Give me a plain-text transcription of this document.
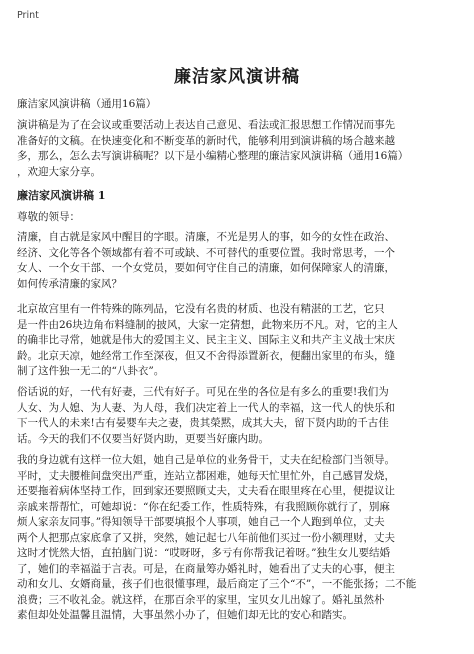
Print
廉洁家风演讲稿
廉洁家风演讲稿（通用16篇）
演讲稿是为了在会议或重要活动上表达自己意见、看法或汇报思想工作情况而事先
准备好的文稿。在快速变化和不断变革的新时代，能够利用到演讲稿的场合越来越
多，那么，怎么去写演讲稿呢？以下是小编精心整理的廉洁家风演讲稿（通用16篇）
，欢迎大家分享。
廉洁家风演讲稿 1
尊敬的领导：
清廉，自古就是家风中醒目的字眼。清廉，不光是男人的事，如今的女性在政治、
经济、文化等各个领域都有着不可或缺、不可替代的重要位置。我时常思考，一个
女人、一个女干部、一个女党员，要如何守住自己的清廉，如何保障家人的清廉，
如何传承清廉的家风？
北京故宫里有一件特殊的陈列品，它没有名贵的材质、也没有精湛的工艺，它只
是一件由26块边角布料缝制的披风，大家一定猜想，此物来历不凡。对，它的主人
的确非比寻常，她就是伟大的爱国主义、民主主义、国际主义和共产主义战士宋庆
龄。北京天凉，她经常工作至深夜，但又不舍得添置新衣，便翻出家里的布头，缝
制了这件独一无二的“八卦衣”。
俗话说的好，一代有好妻，三代有好子。可见在坐的各位是有多么的重要!我们为
人女、为人媳、为人妻、为人母，我们决定着上一代人的幸福，这一代人的快乐和
下一代人的未来!古有晏婴车夫之妻，贵其榮黙，成其大夫，留下贤内助的千古佳
话。今天的我们不仅要当好贤内助，更要当好廉内助。
我的身边就有这样一位大姐，她自己是单位的业务骨干，丈夫在纪检部门当领导。
平时，丈夫腰椎间盘突出严重，连站立都困难，她每天忙里忙外，自己感冒发烧，
还要拖着病体坚持工作，回到家还要照顾丈夫，丈夫看在眼里疼在心里，便提议让
亲戚来帮帮忙，可她却说：“你在纪委工作，性质特殊，有我照顾你就行了，别麻
烦人家亲友同事。”得知领导干部要填报个人事项，她自己一个人跑到单位，丈夫
两个人把那点家底拿了又拼，突然，她记起七八年前他们买过一份小额理财，丈夫
这时才恍然大悟，直拍脑门说：“哎呀呀，多亏有你帮我记着呀。”独生女儿要结婚
了，她们的幸福溢于言表。可是，在商量筹办婚礼时，她看出了丈夫的心事，便主
动和女儿、女婿商量，孩子们也很懂事理，最后商定了三个“不”，一不能张扬；二不能
浪费；三不收礼金。就这样，在那百余平的家里，宝贝女儿出嫁了。婚礼虽然朴
素但却处处温馨且温情，大事虽然小办了，但她们却无比的安心和踏实。
